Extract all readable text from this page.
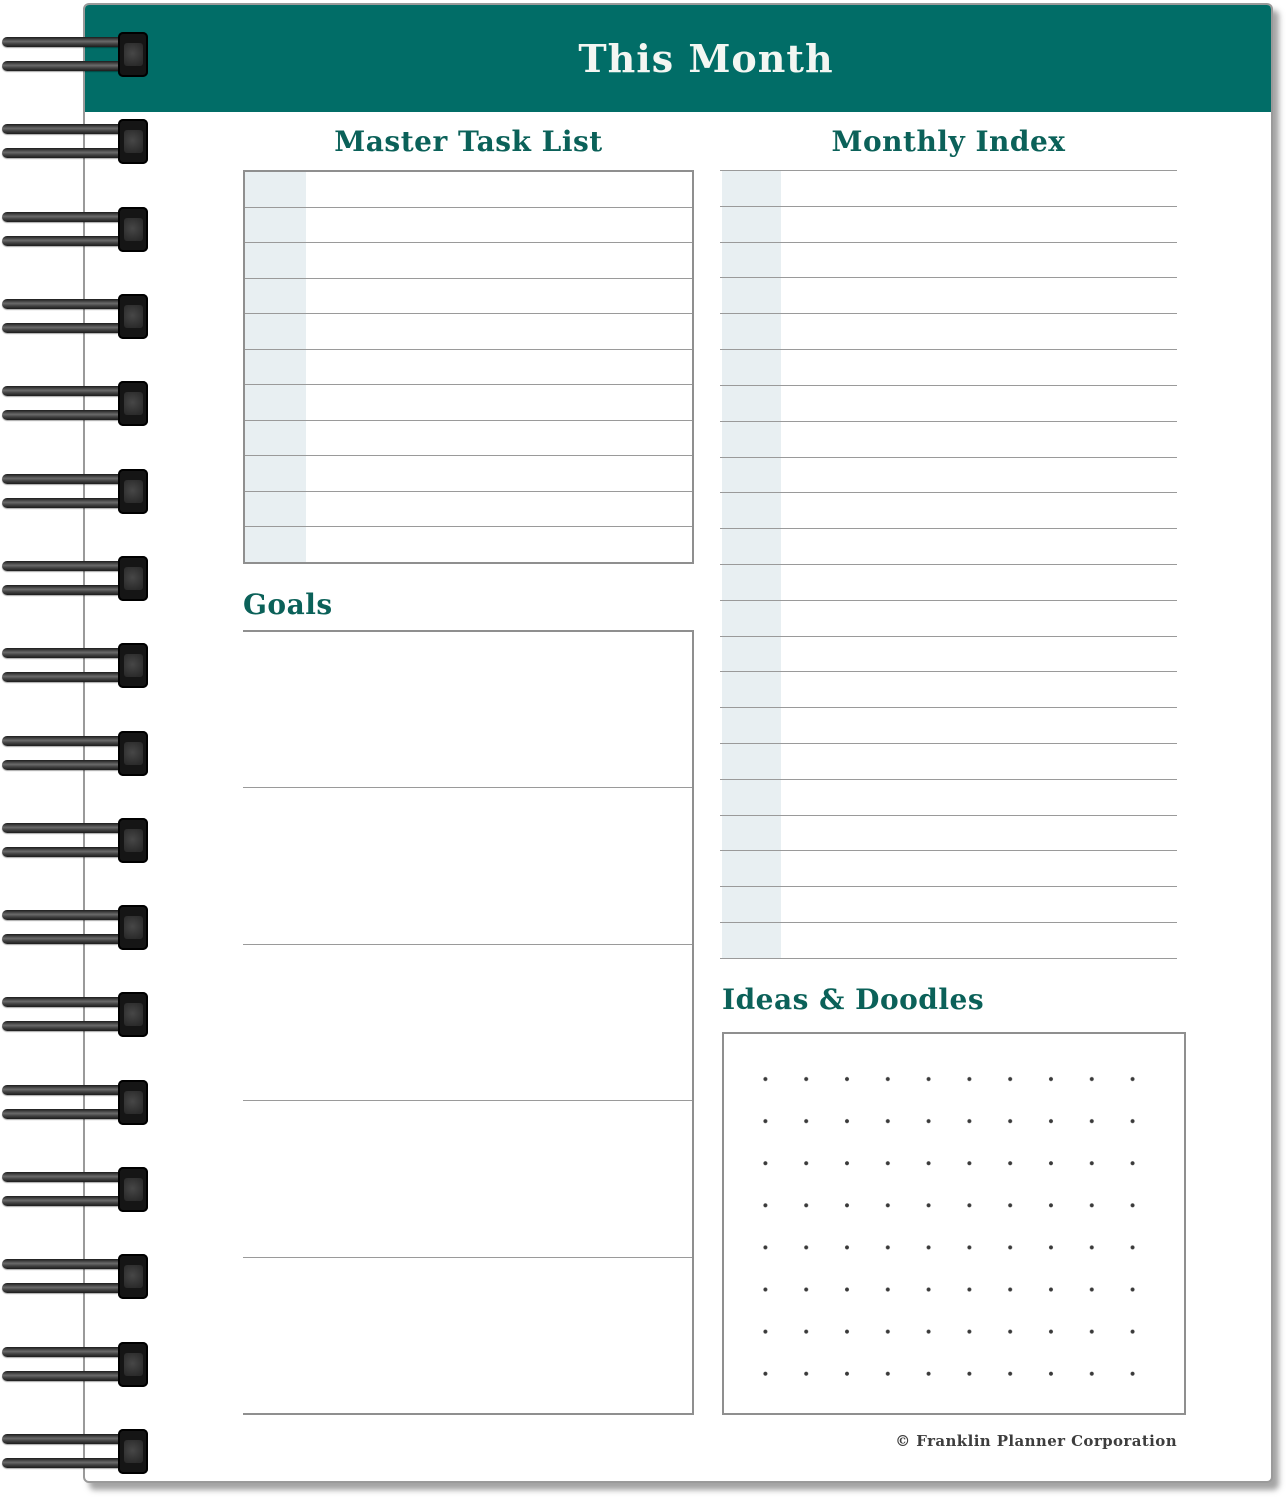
This Month
Master Task List	Monthly Index
Goals
Ideas & Doodles
© Franklin Planner Corporation
